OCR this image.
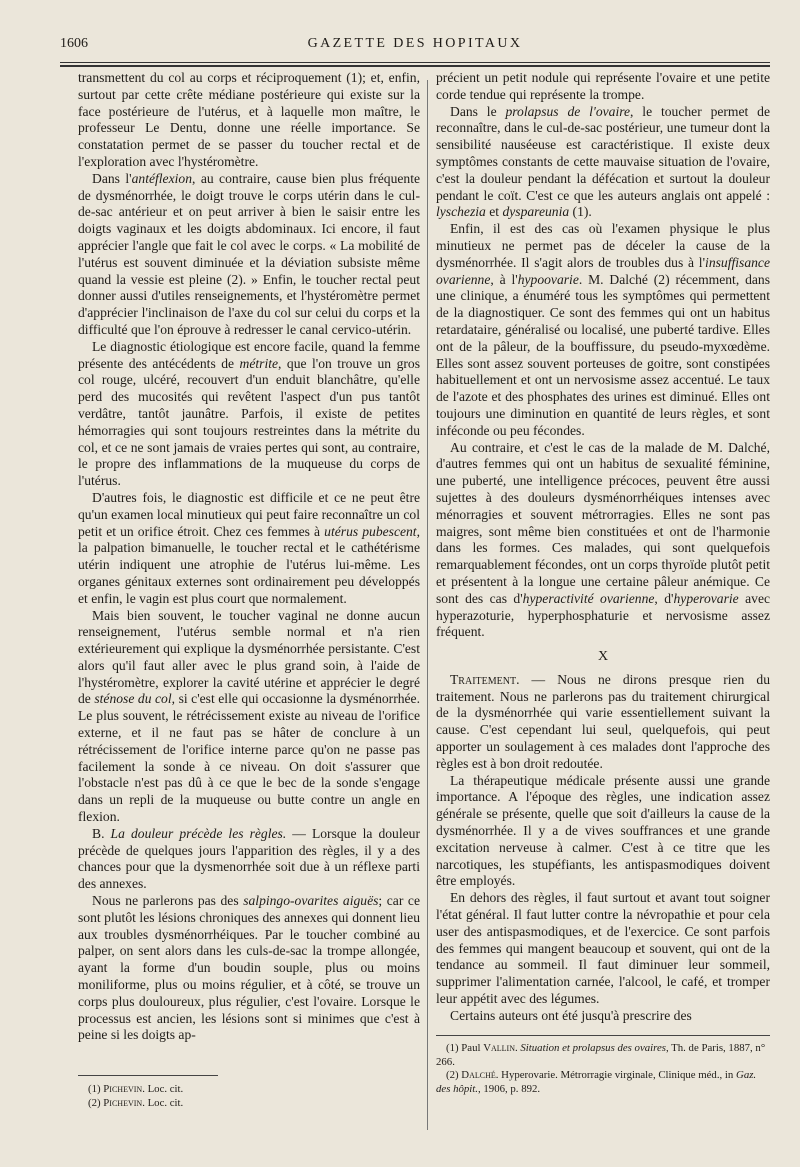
1606	GAZETTE DES HOPITAUX

transmettent du col au corps et réciproquement (1); et, enfin, surtout par cette crête médiane postérieure qui existe sur la face postérieure de l'utérus, et à laquelle mon maître, le professeur Le Dentu, donne une réelle importance. Se constatation permet de se passer du toucher rectal et de l'exploration avec l'hystéromètre.

Dans l'antéflexion, au contraire, cause bien plus fréquente de dysménorrhée, le doigt trouve le corps utérin dans le cul-de-sac antérieur et on peut arriver à bien le saisir entre les doigts vaginaux et les doigts abdominaux. Ici encore, il faut apprécier l'angle que fait le col avec le corps. « La mobilité de l'utérus est souvent diminuée et la déviation subsiste même quand la vessie est pleine (2). » Enfin, le toucher rectal peut donner aussi d'utiles renseignements, et l'hystéromètre permet d'apprécier l'inclinaison de l'axe du col sur celui du corps et la difficulté que l'on éprouve à redresser le canal cervico-utérin.

Le diagnostic étiologique est encore facile, quand la femme présente des antécédents de métrite, que l'on trouve un gros col rouge, ulcéré, recouvert d'un enduit blanchâtre, qu'elle perd des mucosités qui revêtent l'aspect d'un pus tantôt verdâtre, tantôt jaunâtre. Parfois, il existe de petites hémorragies qui sont toujours restreintes dans la métrite du col, et ce ne sont jamais de vraies pertes qui sont, au contraire, le propre des inflammations de la muqueuse du corps de l'utérus.

D'autres fois, le diagnostic est difficile et ce ne peut être qu'un examen local minutieux qui peut faire reconnaître un col petit et un orifice étroit. Chez ces femmes à utérus pubescent, la palpation bimanuelle, le toucher rectal et le cathétérisme utérin indiquent une atrophie de l'utérus lui-même. Les organes génitaux externes sont ordinairement peu développés et enfin, le vagin est plus court que normalement.

Mais bien souvent, le toucher vaginal ne donne aucun renseignement, l'utérus semble normal et n'a rien extérieurement qui explique la dysménorrhée persistante. C'est alors qu'il faut aller avec le plus grand soin, à l'aide de l'hystéromètre, explorer la cavité utérine et apprécier le degré de sténose du col, si c'est elle qui occasionne la dysménorrhée. Le plus souvent, le rétrécissement existe au niveau de l'orifice externe, et il ne faut pas se hâter de conclure à un rétrécissement de l'orifice interne parce qu'on ne passe pas facilement la sonde à ce niveau. On doit s'assurer que l'obstacle n'est pas dû à ce que le bec de la sonde s'engage dans un repli de la muqueuse ou butte contre un angle en flexion.

B. La douleur précède les règles. — Lorsque la douleur précède de quelques jours l'apparition des règles, il y a des chances pour que la dysmenorrhée soit due à un réflexe parti des annexes.

Nous ne parlerons pas des salpingo-ovarites aiguës; car ce sont plutôt les lésions chroniques des annexes qui donnent lieu aux troubles dysménorrhéiques. Par le toucher combiné au palper, on sent alors dans les culs-de-sac la trompe allongée, ayant la forme d'un boudin souple, plus ou moins moniliforme, plus ou moins régulier, et à côté, se trouve un corps plus douloureux, plus régulier, c'est l'ovaire. Lorsque le processus est ancien, les lésions sont si minimes que c'est à peine si les doigts ap-

précient un petit nodule qui représente l'ovaire et une petite corde tendue qui représente la trompe.

Dans le prolapsus de l'ovaire, le toucher permet de reconnaître, dans le cul-de-sac postérieur, une tumeur dont la sensibilité nauséeuse est caractéristique. Il existe deux symptômes constants de cette mauvaise situation de l'ovaire, c'est la douleur pendant la défécation et surtout la douleur pendant le coït. C'est ce que les auteurs anglais ont appelé : lyschezia et dyspareunia (1).

Enfin, il est des cas où l'examen physique le plus minutieux ne permet pas de déceler la cause de la dysménorrhée. Il s'agit alors de troubles dus à l'insuffisance ovarienne, à l'hypoovarie. M. Dalché (2) récemment, dans une clinique, a énuméré tous les symptômes qui permettent de la diagnostiquer. Ce sont des femmes qui ont un habitus retardataire, généralisé ou localisé, une puberté tardive. Elles ont de la pâleur, de la bouffissure, du pseudo-myxœdème. Elles sont assez souvent porteuses de goitre, sont constipées habituellement et ont un nervosisme assez accentué. Le taux de l'azote et des phosphates des urines est diminué. Elles ont toujours une diminution en quantité de leurs règles, et sont inféconde ou peu fécondes.

Au contraire, et c'est le cas de la malade de M. Dalché, d'autres femmes qui ont un habitus de sexualité féminine, une puberté, une intelligence précoces, peuvent être aussi sujettes à des douleurs dysménorrhéiques intenses avec ménorragies et souvent métrorragies. Elles ne sont pas maigres, sont même bien constituées et ont de l'harmonie dans les formes. Ces malades, qui sont quelquefois remarquablement fécondes, ont un corps thyroïde plutôt petit et présentent à la longue une certaine pâleur anémique. Ce sont des cas d'hyperactivité ovarienne, d'hyperovarie avec hyperazoturie, hyperphosphaturie et nervosisme assez fréquent.

X

Traitement. — Nous ne dirons presque rien du traitement. Nous ne parlerons pas du traitement chirurgical de la dysménorrhée qui varie essentiellement suivant la cause. C'est cependant lui seul, quelquefois, qui peut apporter un soulagement à ces malades dont l'approche des règles est à bon droit redoutée.

La thérapeutique médicale présente aussi une grande importance. A l'époque des règles, une indication assez générale se présente, quelle que soit d'ailleurs la cause de la dysménorrhée. Il y a de vives souffrances et une grande excitation nerveuse à calmer. C'est à ce titre que les narcotiques, les stupéfiants, les antispasmodiques doivent être employés.

En dehors des règles, il faut surtout et avant tout soigner l'état général. Il faut lutter contre la névropathie et pour cela user des antispasmodiques, et de l'exercice. Ce sont parfois des femmes qui mangent beaucoup et souvent, qui ont de la tendance au sommeil. Il faut diminuer leur sommeil, supprimer l'alimentation carnée, l'alcool, le café, et tromper leur appétit avec des légumes.

Certains auteurs ont été jusqu'à prescrire des

(1) Pichevin. Loc. cit.

(2) Pichevin. Loc. cit.

(1) Paul Vallin. Situation et prolapsus des ovaires, Th. de Paris, 1887, n° 266.

(2) Dalché. Hyperovarie. Métrorragie virginale, Clinique méd., in Gaz. des hôpit., 1906, p. 892.
